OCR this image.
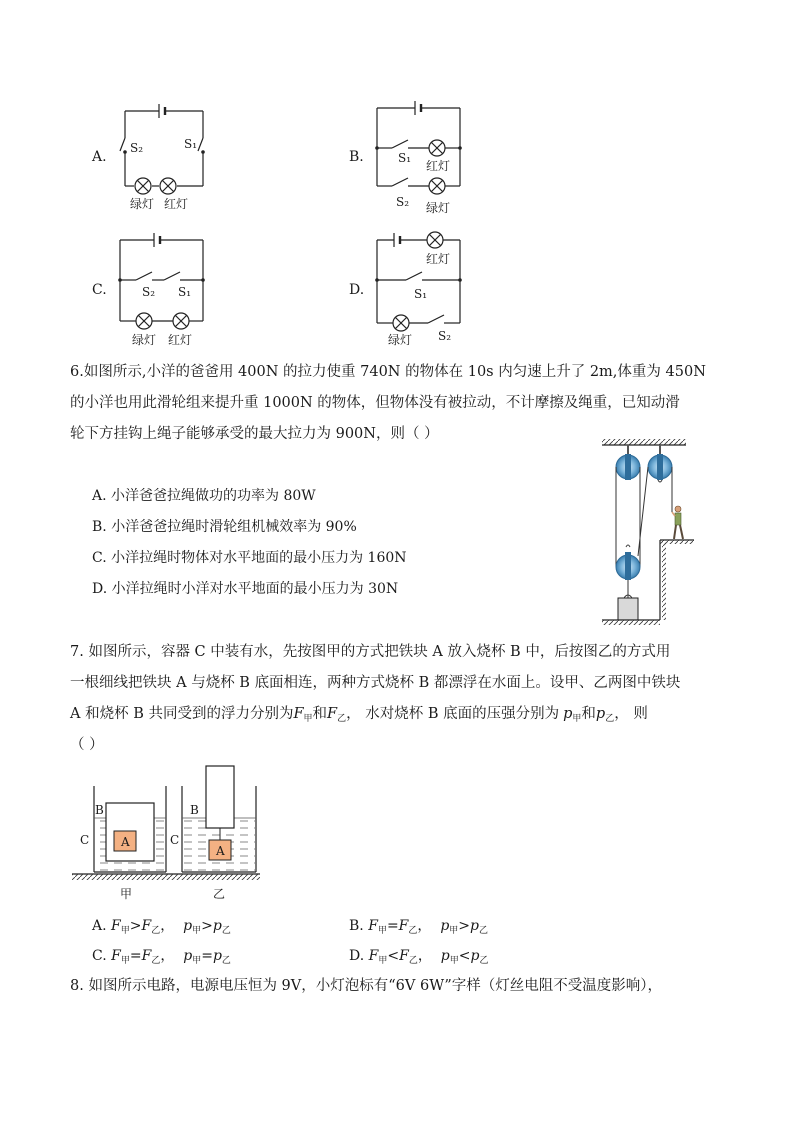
A.
S₂	S₁
绿灯 红灯
B.	S₁
红灯
S₂ 绿灯
C.	S₂ S₁
绿灯 红灯
D.
红灯
S₁
S₂
绿灯
6.如图所示,小洋的爸爸用 400N 的拉力使重 740N 的物体在 10s 内匀速上升了 2m,体重为 450N
的小洋也用此滑轮组来提升重 1000N 的物体，但物体没有被拉动，不计摩擦及绳重，已知动滑
轮下方挂钩上绳子能够承受的最大拉力为 900N，则（ ）
A. 小洋爸爸拉绳做功的功率为 80W
B. 小洋爸爸拉绳时滑轮组机械效率为 90%
C. 小洋拉绳时物体对水平地面的最小压力为 160N
D. 小洋拉绳时小洋对水平地面的最小压力为 30N
7. 如图所示，容器 C 中装有水，先按图甲的方式把铁块 A 放入烧杯 B 中，后按图乙的方式用
一根细线把铁块 A 与烧杯 B 底面相连，两种方式烧杯 B 都漂浮在水面上。设甲、乙两图中铁块
A 和烧杯 B 共同受到的浮力分别为$F_甲$和$F_乙$， 水对烧杯 B 底面的压强分别为 $p_甲$和$p_乙$， 则
（ ）
B
C	A
B
C
A
甲	乙
A. $F_甲>F_乙$，  $p_甲>p_乙$	B. $F_甲=F_乙$，  $p_甲>p_乙$
C. $F_甲=F_乙$，  $p_甲=p_乙$	D. $F_甲<F_乙$，  $p_甲<p_乙$
8. 如图所示电路，电源电压恒为 9V，小灯泡标有“6V 6W”字样（灯丝电阻不受温度影响），
